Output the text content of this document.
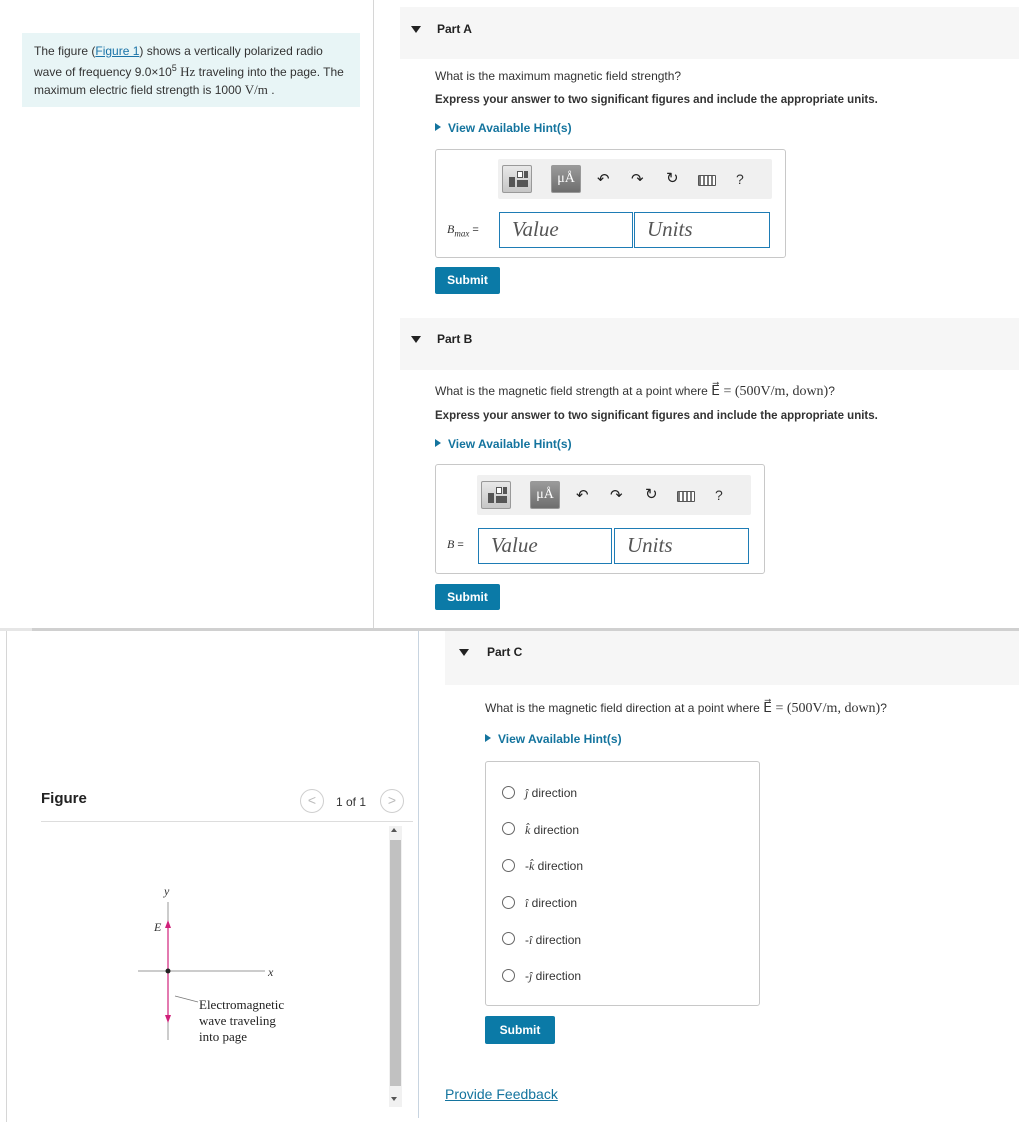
The figure (Figure 1) shows a vertically polarized radio wave of frequency $9.0\times 10^5$ Hz traveling into the page. The maximum electric field strength is 1000 V/m .
Part A
What is the maximum magnetic field strength?
Express your answer to two significant figures and include the appropriate units.
View Available Hint(s)
μÅ	↶ ↷ ↻	?
$B_{max}$ =	Value	Units
Submit
Part B
What is the magnetic field strength at a point where E⃗ = (500V/m, down)?
Express your answer to two significant figures and include the appropriate units.
View Available Hint(s)
μÅ	↶ ↷ ↻	?
B =	Value	Units
Submit
Figure	<	1 of 1	>
y
x
E⃗
Electromagnetic
wave traveling
into page
Part C
What is the magnetic field direction at a point where E⃗ = (500V/m, down)?
View Available Hint(s)
ĵ direction
k̂ direction
-k̂ direction
î direction
-î direction
-ĵ direction
Submit
Provide Feedback
